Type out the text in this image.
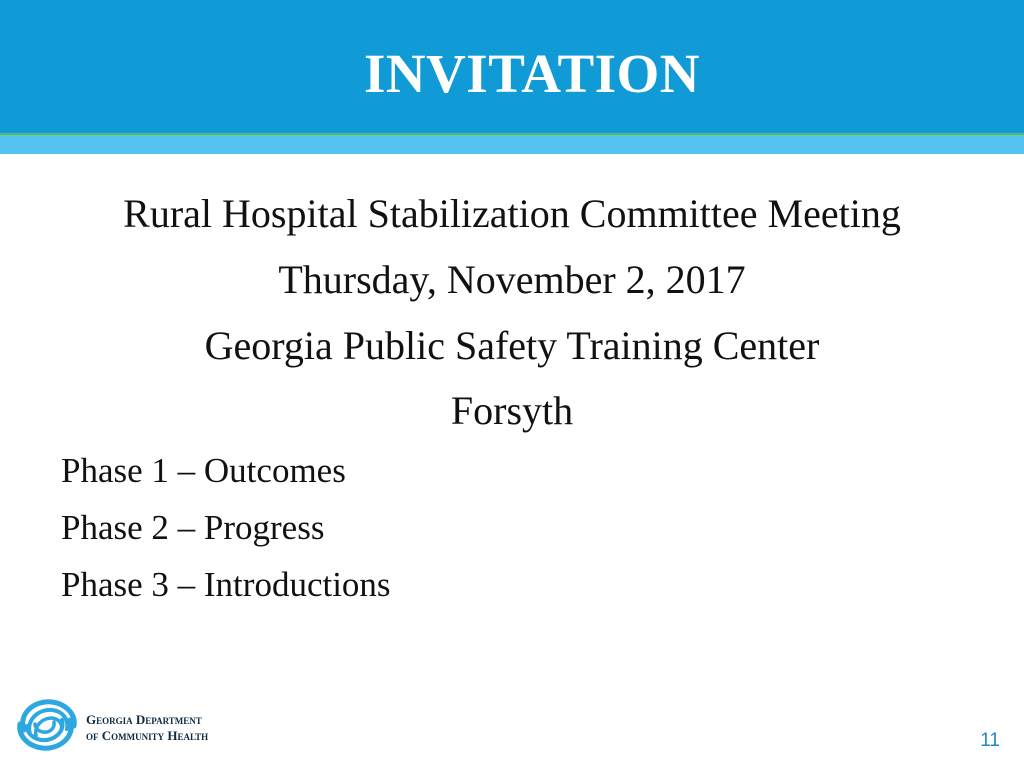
INVITATION
Rural Hospital Stabilization Committee Meeting
Thursday, November 2, 2017
Georgia Public Safety Training Center
Forsyth
Phase 1 – Outcomes
Phase 2 – Progress
Phase 3 – Introductions
Georgia Department
of Community Health	11
